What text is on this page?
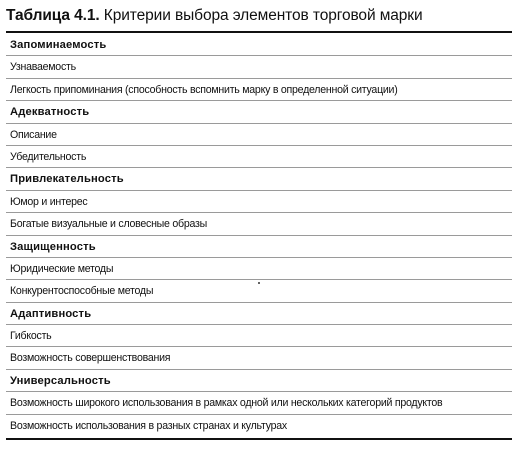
Таблица 4.1. Критерии выбора элементов торговой марки
Запоминаемость
Узнаваемость
Легкость припоминания (способность вспомнить марку в определенной ситуации)
Адекватность
Описание
Убедительность
Привлекательность
Юмор и интерес
Богатые визуальные и словесные образы
Защищенность
Юридические методы
Конкурентоспособные методы
Адаптивность
Гибкость
Возможность совершенствования
Универсальность
Возможность широкого использования в рамках одной или нескольких категорий продуктов
Возможность использования в разных странах и культурах
